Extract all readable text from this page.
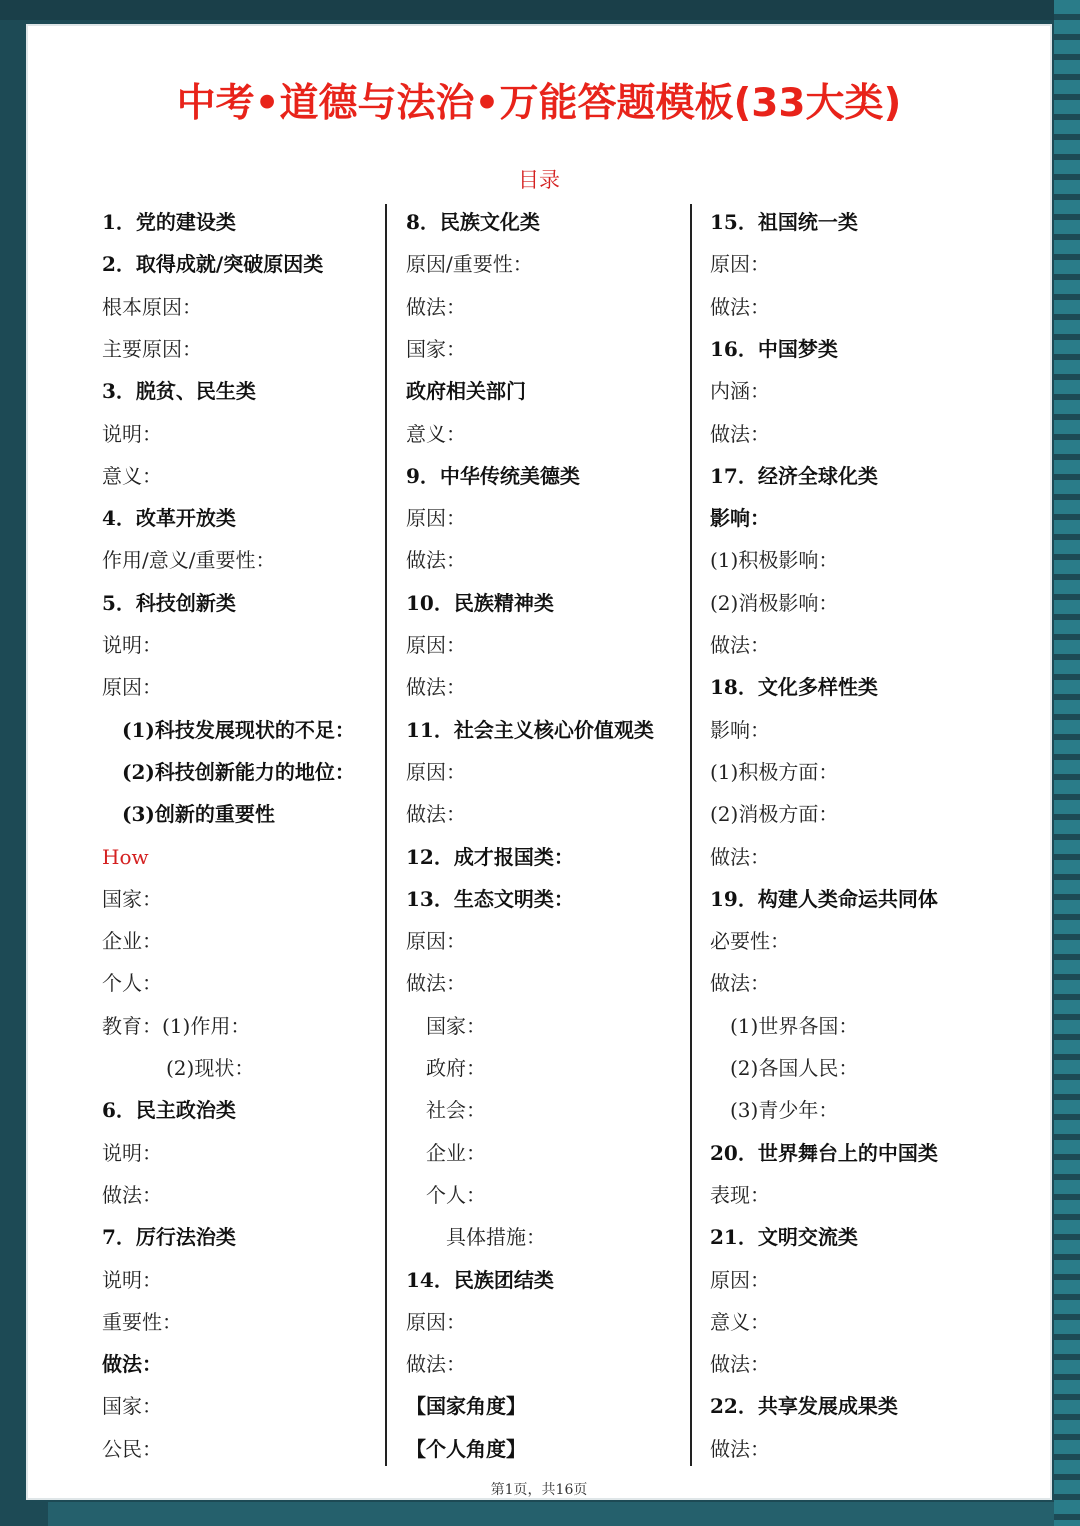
中考•道德与法治•万能答题模板(33大类)
目录
1．党的建设类
2．取得成就/突破原因类
根本原因：
主要原因：
3．脱贫、民生类
说明：
意义：
4．改革开放类
作用/意义/重要性：
5．科技创新类
说明：
原因：
(1)科技发展现状的不足：
(2)科技创新能力的地位：
(3)创新的重要性
How
国家：
企业：
个人：
教育：(1)作用：
(2)现状：
6．民主政治类
说明：
做法：
7．厉行法治类
说明：
重要性：
做法：
国家：
公民：
8．民族文化类
原因/重要性：
做法：
国家：
政府相关部门
意义：
9．中华传统美德类
原因：
做法：
10．民族精神类
原因：
做法：
11．社会主义核心价值观类
原因：
做法：
12．成才报国类：
13．生态文明类：
原因：
做法：
国家：
政府：
社会：
企业：
个人：
具体措施：
14．民族团结类
原因：
做法：
【国家角度】
【个人角度】
15．祖国统一类
原因：
做法：
16．中国梦类
内涵：
做法：
17．经济全球化类
影响：
(1)积极影响：
(2)消极影响：
做法：
18．文化多样性类
影响：
(1)积极方面：
(2)消极方面：
做法：
19．构建人类命运共同体
必要性：
做法：
(1)世界各国：
(2)各国人民：
(3)青少年：
20．世界舞台上的中国类
表现：
21．文明交流类
原因：
意义：
做法：
22．共享发展成果类
做法：
第1页，共16页
